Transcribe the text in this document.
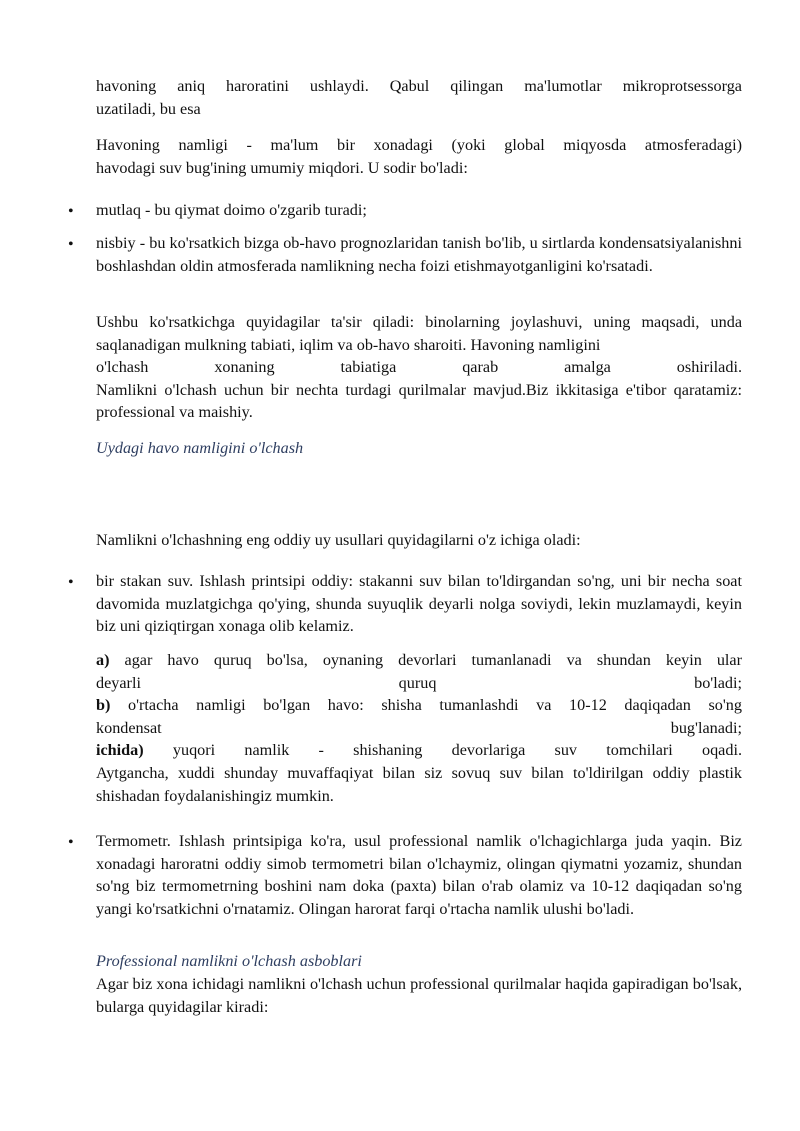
havoning aniq haroratini ushlaydi. Qabul qilingan ma'lumotlar mikroprotsessorga
uzatiladi, bu esa
Havoning namligi - ma'lum bir xonadagi (yoki global miqyosda atmosferadagi)
havodagi suv bug'ining umumiy miqdori. U sodir bo'ladi:
• mutlaq - bu qiymat doimo o'zgarib turadi;
• nisbiy - bu ko'rsatkich bizga ob-havo prognozlaridan tanish bo'lib, u sirtlarda kondensatsiyalanishni boshlashdan oldin atmosferada namlikning necha foizi etishmayotganligini ko'rsatadi.
Ushbu ko'rsatkichga quyidagilar ta'sir qiladi: binolarning joylashuvi, uning maqsadi, unda saqlanadigan mulkning tabiati, iqlim va ob-havo sharoiti. Havoning namligini
o'lchash xonaning tabiatiga qarab amalga oshiriladi.
Namlikni o'lchash uchun bir nechta turdagi qurilmalar mavjud.Biz ikkitasiga e'tibor qaratamiz: professional va maishiy.
Uydagi havo namligini o'lchash
Namlikni o'lchashning eng oddiy uy usullari quyidagilarni o'z ichiga oladi:
• bir stakan suv. Ishlash printsipi oddiy: stakanni suv bilan to'ldirgandan so'ng, uni bir necha soat davomida muzlatgichga qo'ying, shunda suyuqlik deyarli nolga soviydi, lekin muzlamaydi, keyin biz uni qiziqtirgan xonaga olib kelamiz.
a) agar havo quruq bo'lsa, oynaning devorlari tumanlanadi va shundan keyin ular
deyarli quruq bo'ladi;
b) o'rtacha namligi bo'lgan havo: shisha tumanlashdi va 10-12 daqiqadan so'ng
kondensat bug'lanadi;
ichida) yuqori namlik - shishaning devorlariga suv tomchilari oqadi.
Aytgancha, xuddi shunday muvaffaqiyat bilan siz sovuq suv bilan to'ldirilgan oddiy plastik shishadan foydalanishingiz mumkin.
• Termometr. Ishlash printsipiga ko'ra, usul professional namlik o'lchagichlarga juda yaqin. Biz xonadagi haroratni oddiy simob termometri bilan o'lchaymiz, olingan qiymatni yozamiz, shundan so'ng biz termometrning boshini nam doka (paxta) bilan o'rab olamiz va 10-12 daqiqadan so'ng yangi ko'rsatkichni o'rnatamiz. Olingan harorat farqi o'rtacha namlik ulushi bo'ladi.
Professional namlikni o'lchash asboblari
Agar biz xona ichidagi namlikni o'lchash uchun professional qurilmalar haqida gapiradigan bo'lsak, bularga quyidagilar kiradi:
